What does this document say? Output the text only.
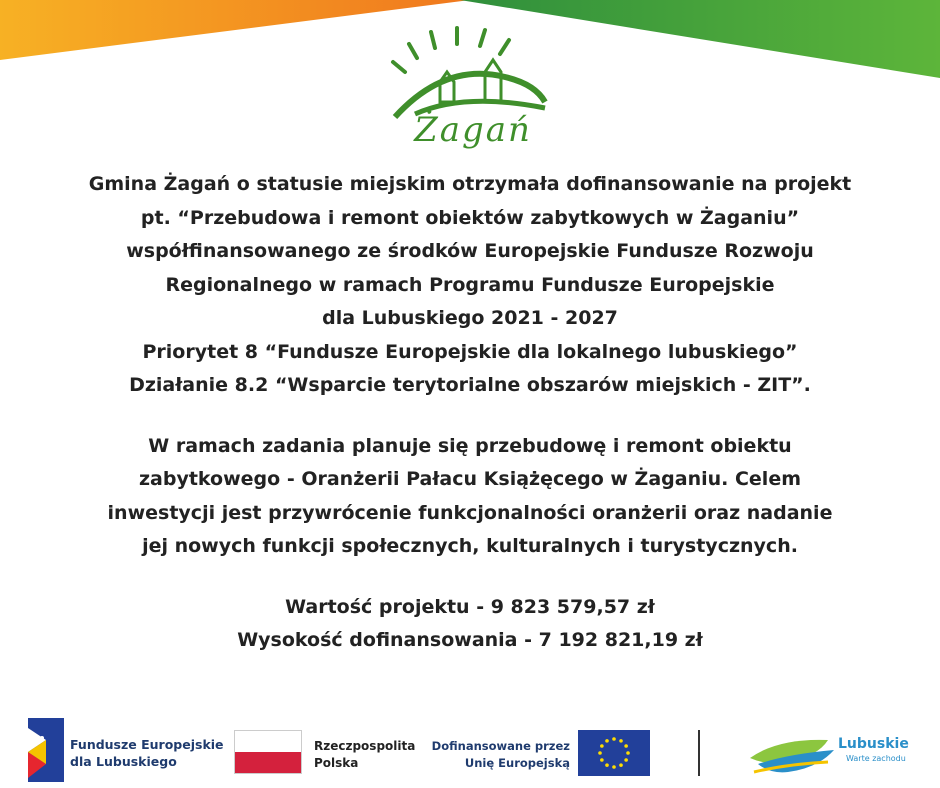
Żagań

Gmina Żagań o statusie miejskim otrzymała dofinansowanie na projekt
pt. “Przebudowa i remont obiektów zabytkowych w Żaganiu”
współfinansowanego ze środków Europejskie Fundusze Rozwoju
Regionalnego w ramach Programu Fundusze Europejskie
dla Lubuskiego 2021 - 2027
Priorytet 8 “Fundusze Europejskie dla lokalnego lubuskiego”
Działanie 8.2 “Wsparcie terytorialne obszarów miejskich - ZIT”.

W ramach zadania planuje się przebudowę i remont obiektu
zabytkowego - Oranżerii Pałacu Książęcego w Żaganiu. Celem
inwestycji jest przywrócenie funkcjonalności oranżerii oraz nadanie
jej nowych funkcji społecznych, kulturalnych i turystycznych.

Wartość projektu - 9 823 579,57 zł
Wysokość dofinansowania - 7 192 821,19 zł

Fundusze Europejskie
dla Lubuskiego
Rzeczpospolita
Polska
Dofinansowane przez
Unię Europejską
Lubuskie
Warte zachodu
